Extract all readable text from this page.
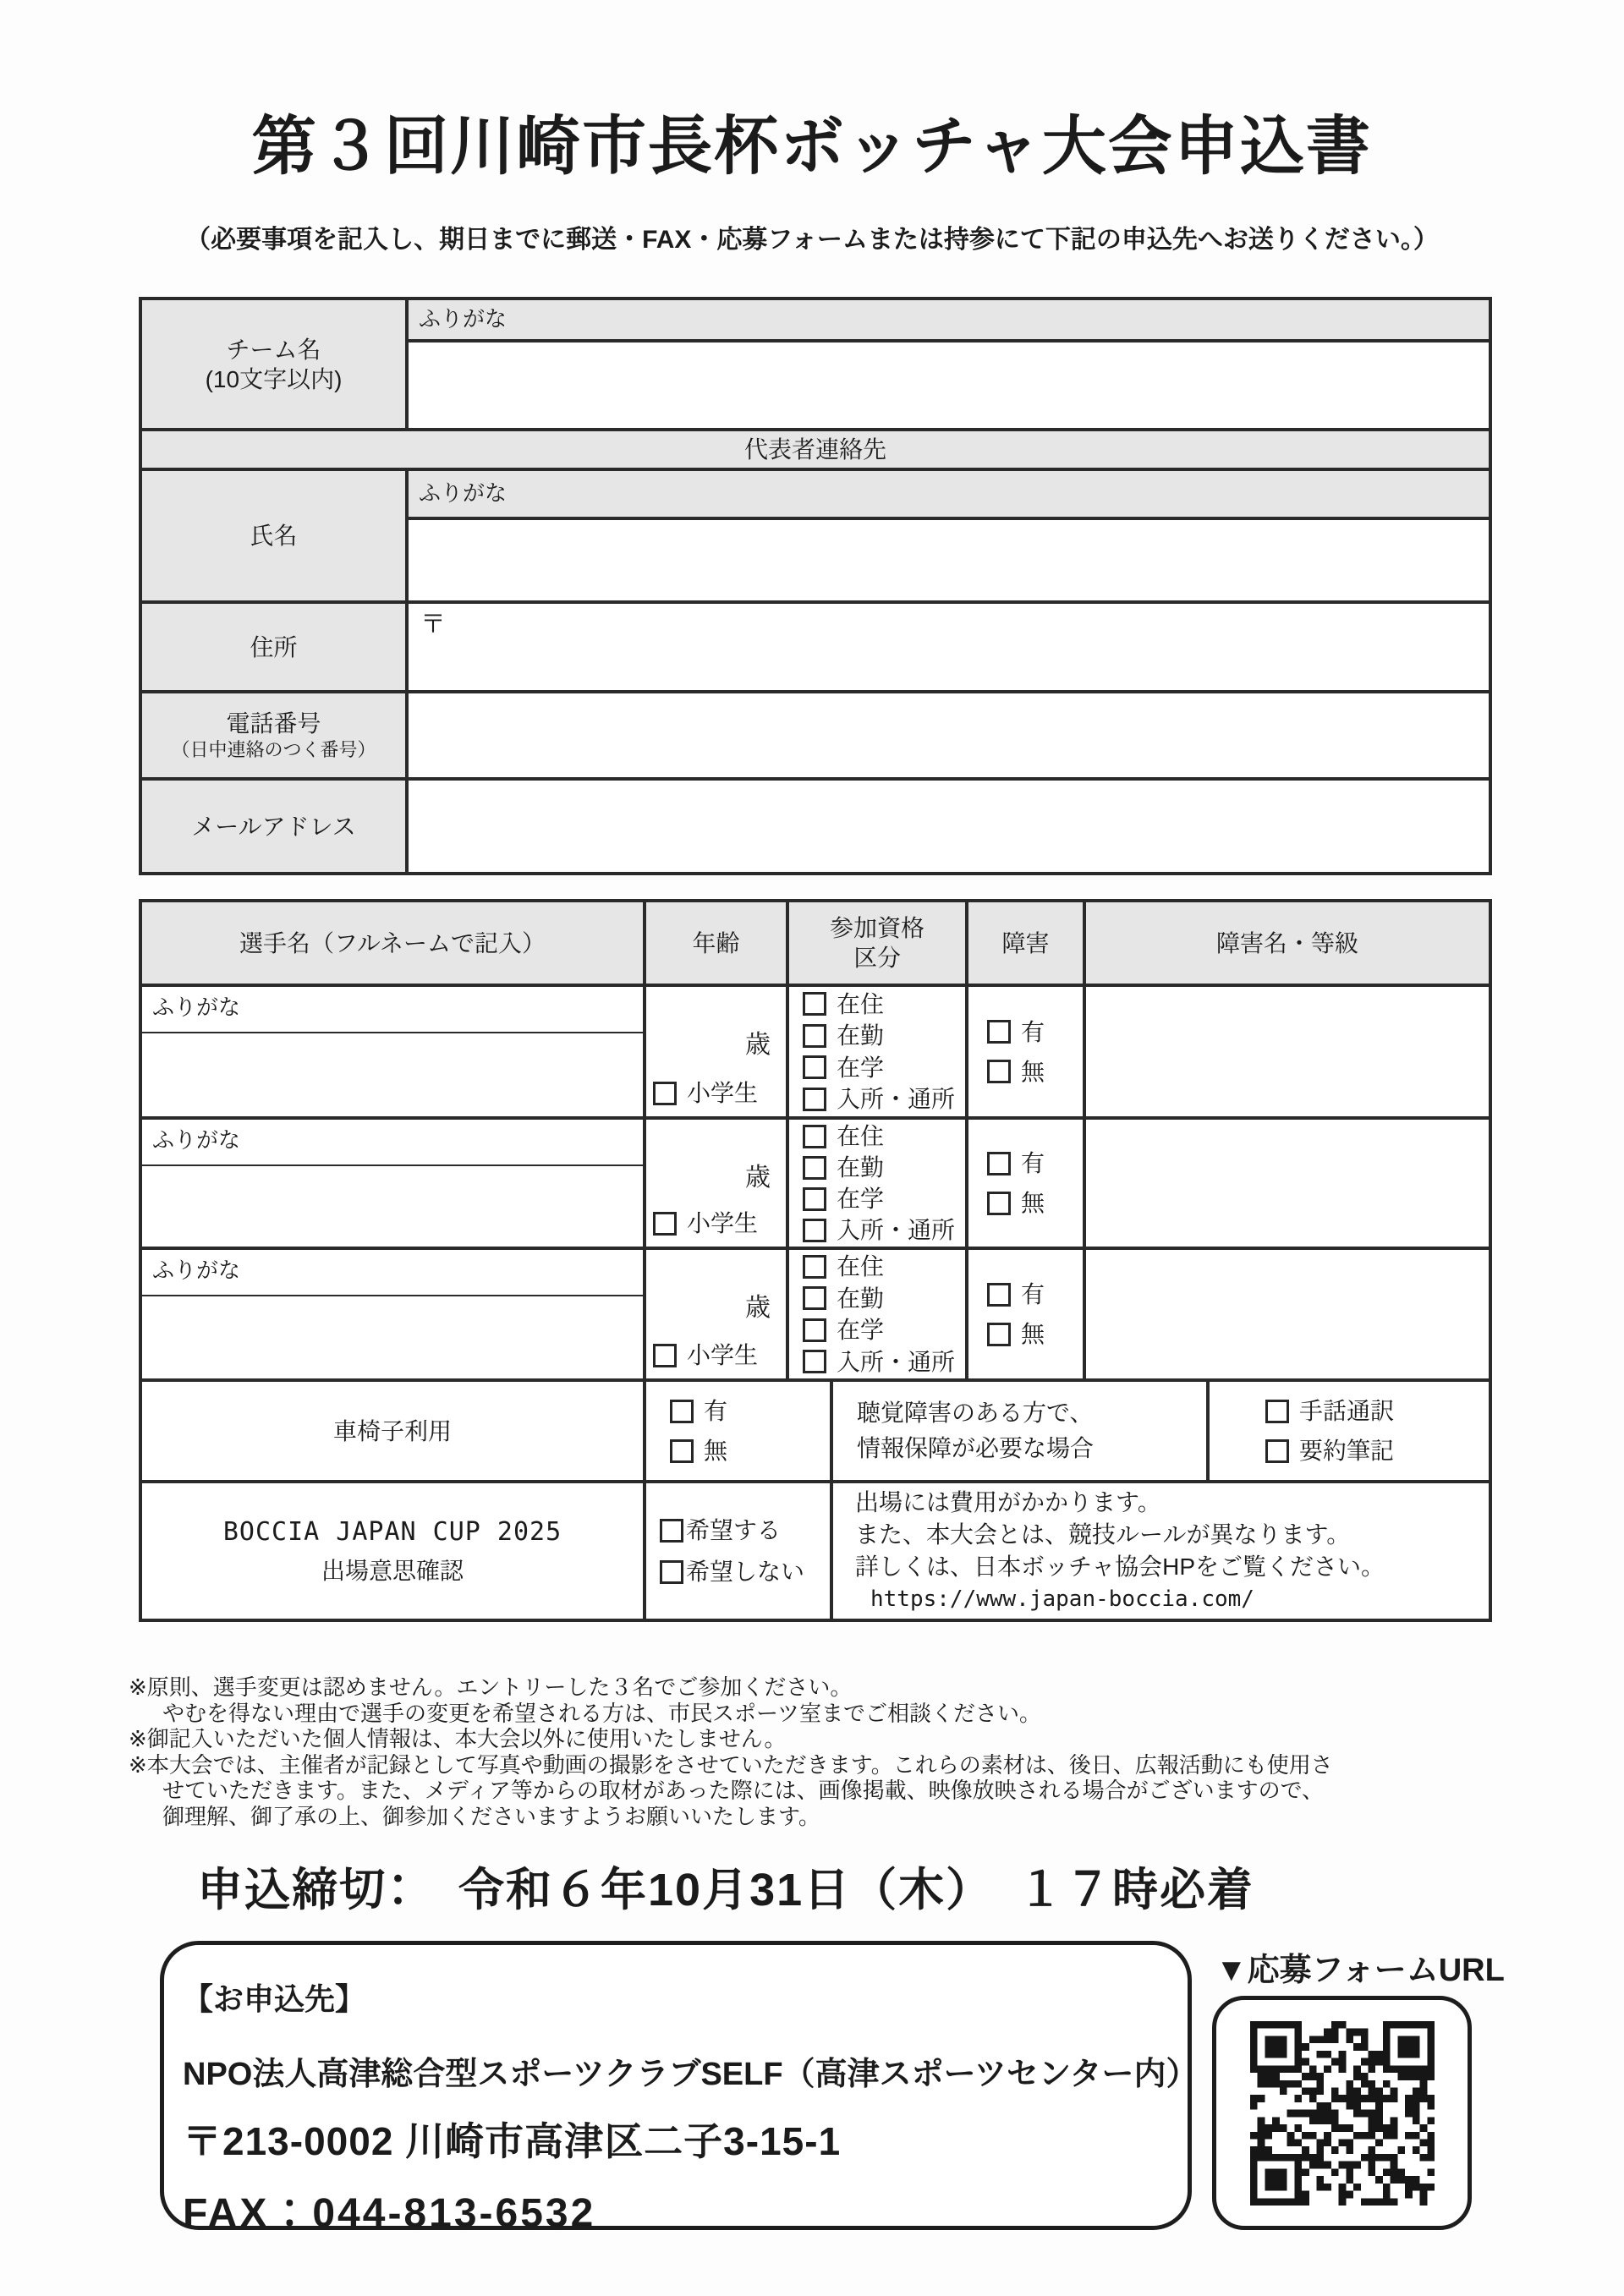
第３回川崎市長杯ボッチャ大会申込書
（必要事項を記入し、期日までに郵送・FAX・応募フォームまたは持参にて下記の申込先へお送りください。）
チーム名
(10文字以内)
ふりがな
代表者連絡先
氏名
ふりがな
住所
〒
電話番号
（日中連絡のつく番号）
メールアドレス
選手名（フルネームで記入）	年齢
参加資格
区分
障害	障害名・等級
ふりがな
歳
小学生
在住
在勤
在学
入所・通所
有
無
ふりがな
歳
小学生
在住
在勤
在学
入所・通所
有
無
ふりがな
歳
小学生
在住
在勤
在学
入所・通所
有
無
車椅子利用
有
無
聴覚障害のある方で、
情報保障が必要な場合
手話通訳
要約筆記
BOCCIA JAPAN CUP 2025
出場意思確認
希望する
希望しない
出場には費用がかかります。
また、本大会とは、競技ルールが異なります。
詳しくは、日本ボッチャ協会HPをご覧ください。
https://www.japan-boccia.com/
※原則、選手変更は認めません。エントリーした３名でご参加ください。
やむを得ない理由で選手の変更を希望される方は、市民スポーツ室までご相談ください。
※御記入いただいた個人情報は、本大会以外に使用いたしません。
※本大会では、主催者が記録として写真や動画の撮影をさせていただきます。これらの素材は、後日、広報活動にも使用さ
せていただきます。また、メディア等からの取材があった際には、画像掲載、映像放映される場合がございますので、
御理解、御了承の上、御参加くださいますようお願いいたします。
申込締切：　令和６年10月31日（木）　１７時必着
【お申込先】
NPO法人高津総合型スポーツクラブSELF（高津スポーツセンター内）
〒213-0002 川崎市高津区二子3-15-1
FAX：044-813-6532
▼応募フォームURL
